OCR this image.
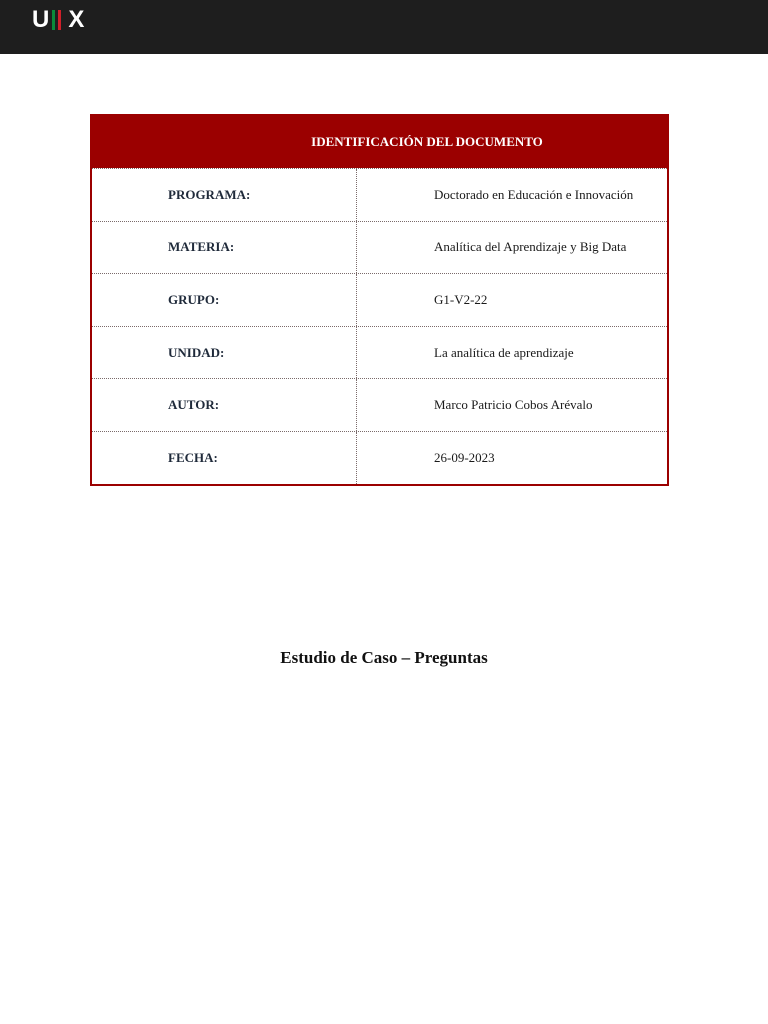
U X
IDENTIFICACIÓN DEL DOCUMENTO
PROGRAMA:	Doctorado en Educación e Innovación
MATERIA:	Analítica del Aprendizaje y Big Data
GRUPO:	G1-V2-22
UNIDAD:	La analítica de aprendizaje
AUTOR:	Marco Patricio Cobos Arévalo
FECHA:	26-09-2023
Estudio de Caso – Preguntas
